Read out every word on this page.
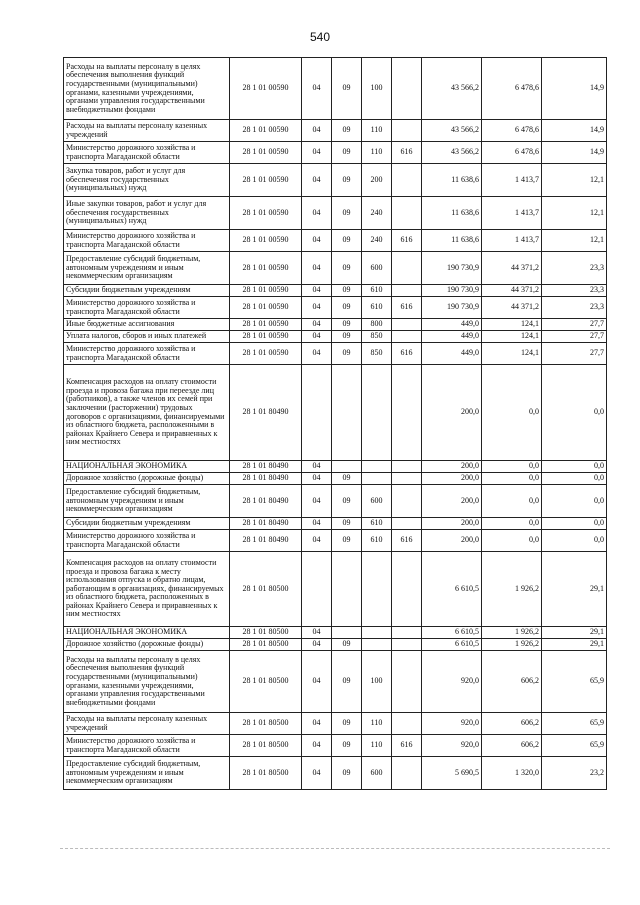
540
Расходы на выплаты персоналу в целях обеспечения выполнения функций государственными (муниципальными) органами, казенными учреждениями, органами управления государственными внебюджетными фондами	28 1 01 00590	04	09	100		43 566,2	6 478,6	14,9
Расходы на выплаты персоналу казенных учреждений	28 1 01 00590	04	09	110		43 566,2	6 478,6	14,9
Министерство дорожного хозяйства и транспорта Магаданской области	28 1 01 00590	04	09	110	616	43 566,2	6 478,6	14,9
Закупка товаров, работ и услуг для обеспечения государственных (муниципальных) нужд	28 1 01 00590	04	09	200		11 638,6	1 413,7	12,1
Иные закупки товаров, работ и услуг для обеспечения государственных (муниципальных) нужд	28 1 01 00590	04	09	240		11 638,6	1 413,7	12,1
Министерство дорожного хозяйства и транспорта Магаданской области	28 1 01 00590	04	09	240	616	11 638,6	1 413,7	12,1
Предоставление субсидий бюджетным, автономным учреждениям и иным некоммерческим организациям	28 1 01 00590	04	09	600		190 730,9	44 371,2	23,3
Субсидии бюджетным учреждениям	28 1 01 00590	04	09	610		190 730,9	44 371,2	23,3
Министерство дорожного хозяйства и транспорта Магаданской области	28 1 01 00590	04	09	610	616	190 730,9	44 371,2	23,3
Иные бюджетные ассигнования	28 1 01 00590	04	09	800		449,0	124,1	27,7
Уплата налогов, сборов и иных платежей	28 1 01 00590	04	09	850		449,0	124,1	27,7
Министерство дорожного хозяйства и транспорта Магаданской области	28 1 01 00590	04	09	850	616	449,0	124,1	27,7
Компенсация расходов на оплату стоимости проезда и провоза багажа при переезде лиц (работников), а также членов их семей при заключении (расторжении) трудовых договоров с организациями, финансируемыми из областного бюджета, расположенными в районах Крайнего Севера и приравненных к ним местностях	28 1 01 80490					200,0	0,0	0,0
НАЦИОНАЛЬНАЯ ЭКОНОМИКА	28 1 01 80490	04				200,0	0,0	0,0
Дорожное хозяйство (дорожные фонды)	28 1 01 80490	04	09			200,0	0,0	0,0
Предоставление субсидий бюджетным, автономным учреждениям и иным некоммерческим организациям	28 1 01 80490	04	09	600		200,0	0,0	0,0
Субсидии бюджетным учреждениям	28 1 01 80490	04	09	610		200,0	0,0	0,0
Министерство дорожного хозяйства и транспорта Магаданской области	28 1 01 80490	04	09	610	616	200,0	0,0	0,0
Компенсация расходов на оплату стоимости проезда и провоза багажа к месту использования отпуска и обратно лицам, работающим в организациях, финансируемых из областного бюджета, расположенных в районах Крайнего Севера и приравненных к ним местностях	28 1 01 80500					6 610,5	1 926,2	29,1
НАЦИОНАЛЬНАЯ ЭКОНОМИКА	28 1 01 80500	04				6 610,5	1 926,2	29,1
Дорожное хозяйство (дорожные фонды)	28 1 01 80500	04	09			6 610,5	1 926,2	29,1
Расходы на выплаты персоналу в целях обеспечения выполнения функций государственными (муниципальными) органами, казенными учреждениями, органами управления государственными внебюджетными фондами	28 1 01 80500	04	09	100		920,0	606,2	65,9
Расходы на выплаты персоналу казенных учреждений	28 1 01 80500	04	09	110		920,0	606,2	65,9
Министерство дорожного хозяйства и транспорта Магаданской области	28 1 01 80500	04	09	110	616	920,0	606,2	65,9
Предоставление субсидий бюджетным, автономным учреждениям и иным некоммерческим организациям	28 1 01 80500	04	09	600		5 690,5	1 320,0	23,2
